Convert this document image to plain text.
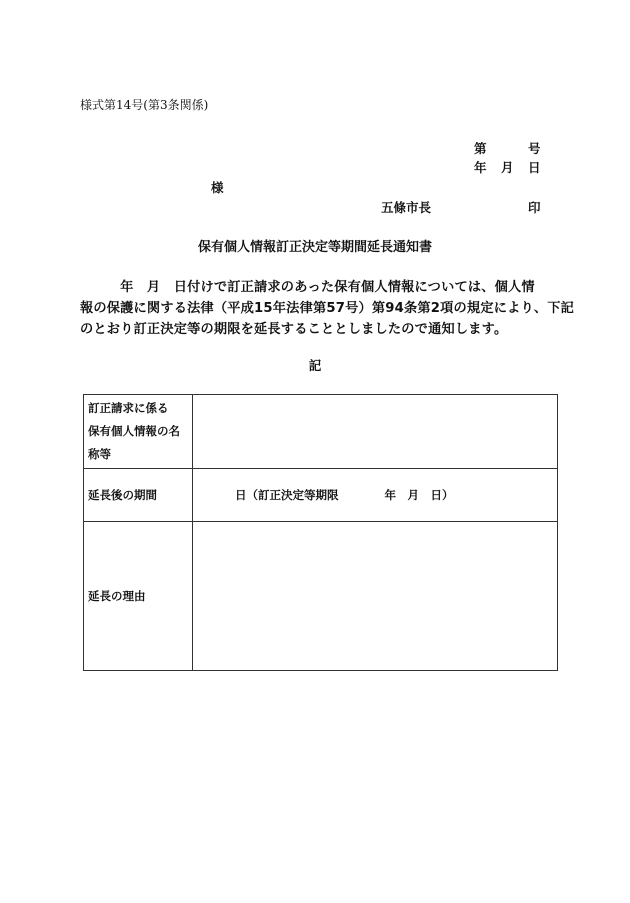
様式第14号(第3条関係)
第	号
年 月 日
様
五條市長	印
保有個人情報訂正決定等期間延長通知書
　　　年　月　日付けで訂正請求のあった保有個人情報については、個人情
報の保護に関する法律（平成15年法律第57号）第94条第2項の規定により、下記
のとおり訂正決定等の期限を延長することとしましたので通知します。
記
訂正請求に係る
保有個人情報の名
称等	

延長後の期間	日（訂正決定等期限 年　月　日）
延長の理由	
